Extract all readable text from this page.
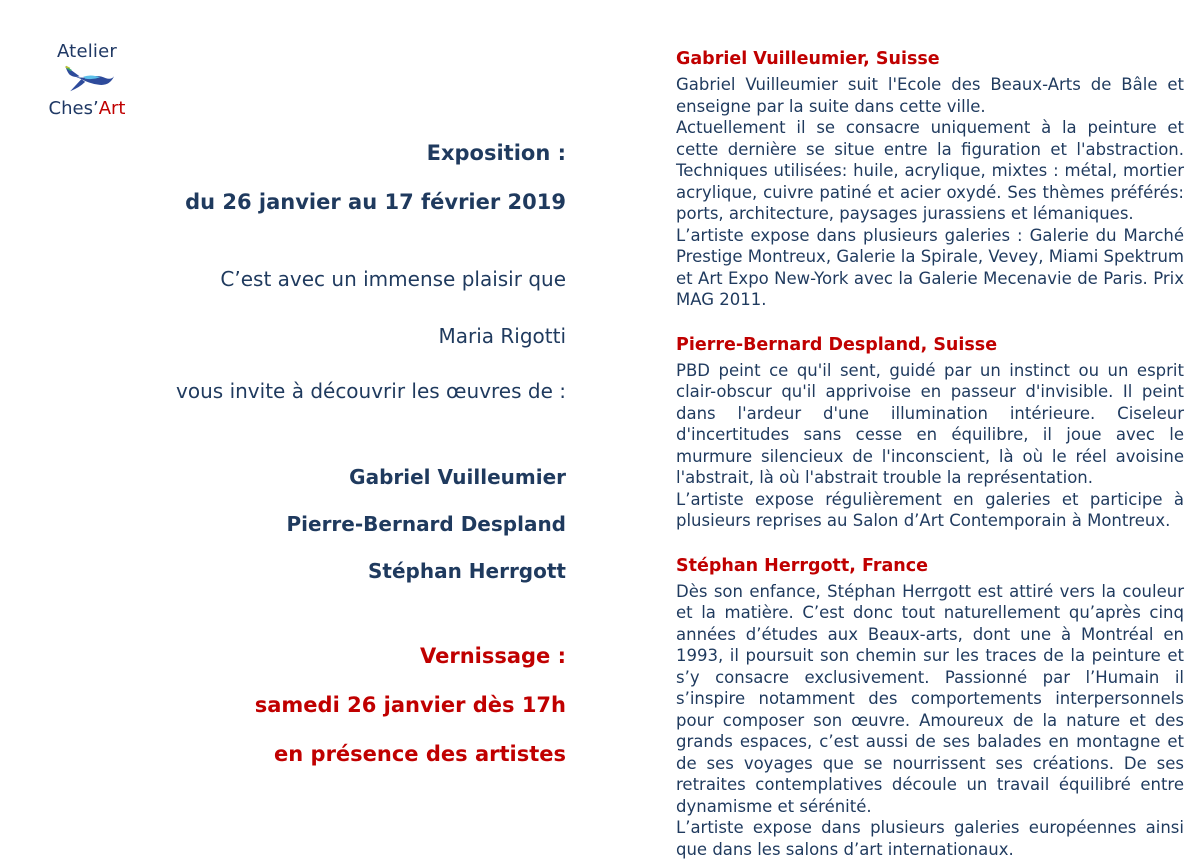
Atelier
Ches’Art
Exposition :
du 26 janvier au 17 février 2019
C’est avec un immense plaisir que
Maria Rigotti
vous invite à découvrir les œuvres de :
Gabriel Vuilleumier
Pierre-Bernard Despland
Stéphan Herrgott
Vernissage :
samedi 26 janvier dès 17h
en présence des artistes
Gabriel Vuilleumier, Suisse

Gabriel Vuilleumier suit l'Ecole des Beaux-Arts de Bâle et enseigne par la suite dans cette ville.

Actuellement il se consacre uniquement à la peinture et cette dernière se situe entre la figuration et l'abstraction. Techniques utilisées: huile, acrylique, mixtes : métal, mortier acrylique, cuivre patiné et acier oxydé. Ses thèmes préférés: ports, architecture, paysages jurassiens et lémaniques.

L’artiste expose dans plusieurs galeries : Galerie du Marché Prestige Montreux, Galerie la Spirale, Vevey, Miami Spektrum et Art Expo New-York avec la Galerie Mecenavie de Paris. Prix MAG 2011.

Pierre-Bernard Despland, Suisse

PBD peint ce qu'il sent, guidé par un instinct ou un esprit clair-obscur qu'il apprivoise en passeur d'invisible. Il peint dans l'ardeur d'une illumination intérieure. Ciseleur d'incertitudes sans cesse en équilibre, il joue avec le murmure silencieux de l'inconscient, là où le réel avoisine l'abstrait, là où l'abstrait trouble la représentation.

L’artiste expose régulièrement en galeries et participe à plusieurs reprises au Salon d’Art Contemporain à Montreux.

Stéphan Herrgott, France

Dès son enfance, Stéphan Herrgott est attiré vers la couleur et la matière. C’est donc tout naturellement qu’après cinq années d’études aux Beaux-arts, dont une à Montréal en 1993, il poursuit son chemin sur les traces de la peinture et s’y consacre exclusivement. Passionné par l’Humain il s’inspire notamment des comportements interpersonnels pour composer son œuvre. Amoureux de la nature et des grands espaces, c’est aussi de ses balades en montagne et de ses voyages que se nourrissent ses créations. De ses retraites contemplatives découle un travail équilibré entre dynamisme et sérénité.

L’artiste expose dans plusieurs galeries européennes ainsi que dans les salons d’art internationaux.
